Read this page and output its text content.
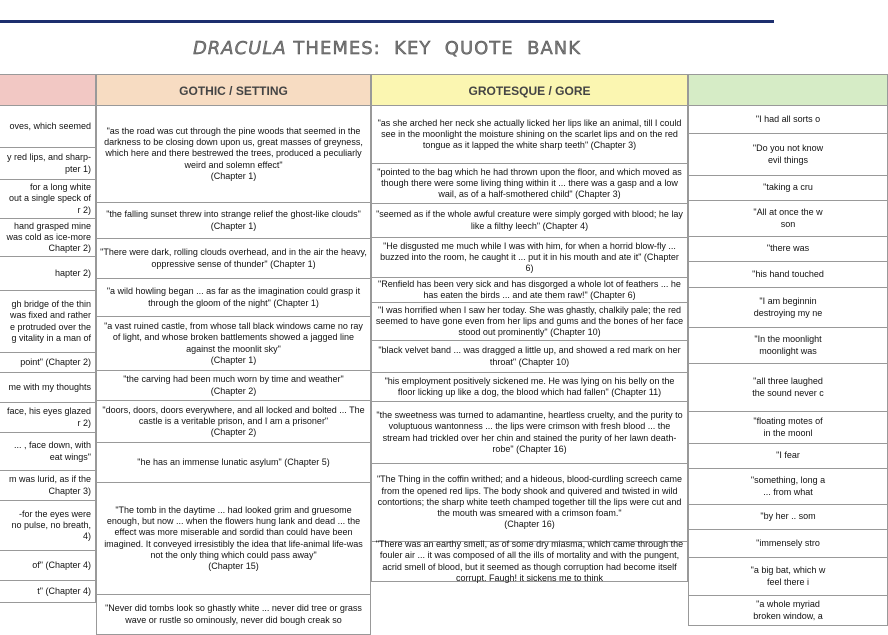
DRACULA THEMES:  KEY  QUOTE  BANK
oves, which seemed
y red lips, and sharp-
pter 1)
for a long white
out a single speck of
r 2)
hand grasped mine
was cold as ice-more
Chapter 2)
hapter 2)
gh bridge of the thin
was fixed and rather
e protruded over the
g vitality in a man of
point" (Chapter 2)
me with my thoughts
face, his eyes glazed
r 2)
... , face down, with
eat wings"
m was lurid, as if the
Chapter 3)
-for the eyes were
no pulse, no breath,
4)
of" (Chapter 4)
t" (Chapter 4)
GOTHIC / SETTING
"as the road was cut through the pine woods that seemed in the darkness to be closing down upon us, great masses of greyness, which here and there bestrewed the trees, produced a peculiarly weird and solemn effect"
(Chapter 1)
"the falling sunset threw into strange relief the ghost-like clouds" (Chapter 1)
"There were dark, rolling clouds overhead, and in the air the heavy, oppressive sense of thunder" (Chapter 1)
"a wild howling began ... as far as the imagination could grasp it through the gloom of the night" (Chapter 1)
"a vast ruined castle, from whose tall black windows came no ray of light, and whose broken battlements showed a jagged line against the moonlit sky"
(Chapter 1)
"the carving had been much worn by time and weather"
(Chapter 2)
"doors, doors, doors everywhere, and all locked and bolted ... The castle is a veritable prison, and I am a prisoner"
(Chapter 2)
"he has an immense lunatic asylum" (Chapter 5)
"The tomb in the daytime ... had looked grim and gruesome enough, but now ... when the flowers hung lank and dead ... the effect was more miserable and sordid than could have been imagined. It conveyed irresistibly the idea that life-animal life-was not the only thing which could pass away"
(Chapter 15)
"Never did tombs look so ghastly white ... never did tree or grass wave or rustle so ominously, never did bough creak so
GROTESQUE / GORE
"as she arched her neck she actually licked her lips like an animal, till I could see in the moonlight the moisture shining on the scarlet lips and on the red tongue as it lapped the white sharp teeth" (Chapter 3)
"pointed to the bag which he had thrown upon the floor, and which moved as though there were some living thing within it ... there was a gasp and a low wail, as of a half-smothered child" (Chapter 3)
"seemed as if the whole awful creature were simply gorged with blood; he lay like a filthy leech" (Chapter 4)
"He disgusted me much while I was with him, for when a horrid blow-fly ... buzzed into the room, he caught it ... put it in his mouth and ate it" (Chapter 6)
"Renfield has been very sick and has disgorged a whole lot of feathers ... he has eaten the birds ... and ate them raw!" (Chapter 6)
"I was horrified when I saw her today. She was ghastly, chalkily pale; the red seemed to have gone even from her lips and gums and the bones of her face stood out prominently" (Chapter 10)
"black velvet band ... was dragged a little up, and showed a red mark on her throat" (Chapter 10)
"his employment positively sickened me. He was lying on his belly on the floor licking up like a dog, the blood which had fallen" (Chapter 11)
"the sweetness was turned to adamantine, heartless cruelty, and the purity to voluptuous wantonness ... the lips were crimson with fresh blood ... the stream had trickled over her chin and stained the purity of her lawn death-robe" (Chapter 16)
"The Thing in the coffin writhed; and a hideous, blood-curdling screech came from the opened red lips. The body shook and quivered and twisted in wild contortions; the sharp white teeth champed together till the lips were cut and the mouth was smeared with a crimson foam."
(Chapter 16)
"There was an earthy smell, as of some dry miasma, which came through the fouler air ... it was composed of all the ills of mortality and with the pungent, acrid smell of blood, but it seemed as though corruption had become itself corrupt. Faugh! it sickens me to think
"I had all sorts o
"Do you not know
evil things
"taking a cru
"All at once the w
son
"there was
"his hand touched
"I am beginnin
destroying my ne
"In the moonlight
moonlight was
"all three laughed
the sound never c
"floating motes of
in the moonl
"I fear
"something, long a
... from what
"by her .. som
"immensely stro
"a big bat, which w
feel there i
"a whole myriad
broken window, a
